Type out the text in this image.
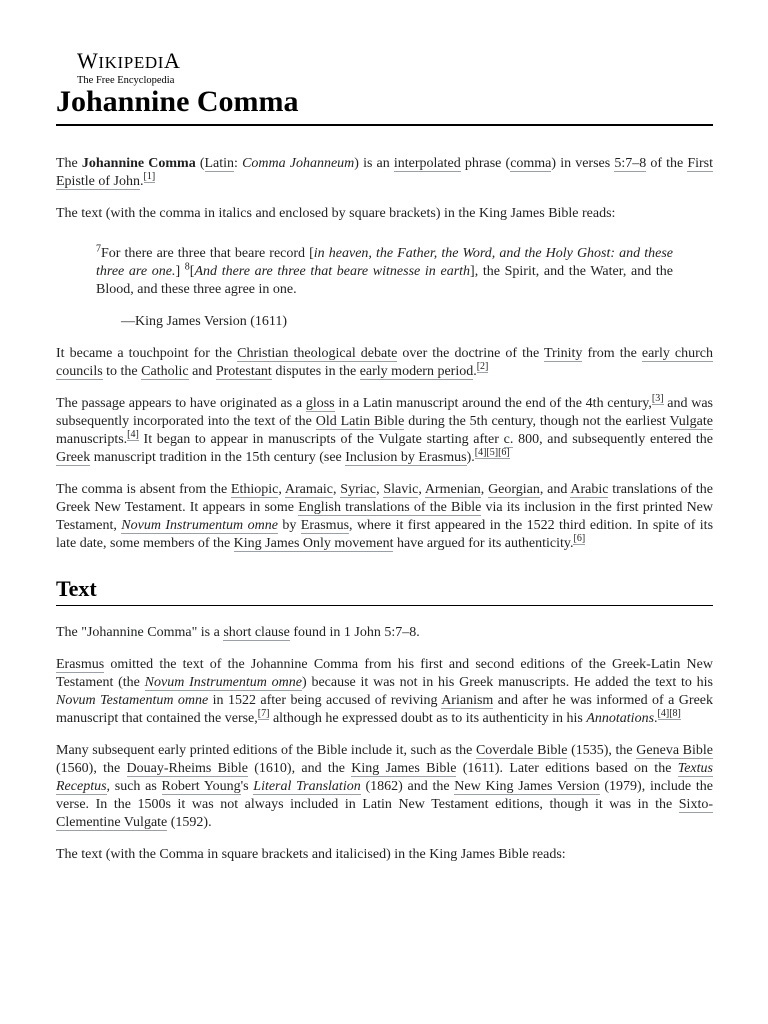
WIKIPEDIA
The Free Encyclopedia
Johannine Comma

The Johannine Comma (Latin: Comma Johanneum) is an interpolated phrase (comma) in verses 5:7–8 of the First Epistle of John.[1]

The text (with the comma in italics and enclosed by square brackets) in the King James Bible reads:

$^7$For there are three that beare record [in heaven, the Father, the Word, and the Holy Ghost: and these three are one.] $^8$[And there are three that beare witnesse in earth], the Spirit, and the Water, and the Blood, and these three agree in one.

—King James Version (1611)

It became a touchpoint for the Christian theological debate over the doctrine of the Trinity from the early church councils to the Catholic and Protestant disputes in the early modern period.[2]

The passage appears to have originated as a gloss in a Latin manuscript around the end of the 4th century,[3] and was subsequently incorporated into the text of the Old Latin Bible during the 5th century, though not the earliest Vulgate manuscripts.[4] It began to appear in manuscripts of the Vulgate starting after c. 800, and subsequently entered the Greek manuscript tradition in the 15th century (see Inclusion by Erasmus).[4][5][6]

The comma is absent from the Ethiopic, Aramaic, Syriac, Slavic, Armenian, Georgian, and Arabic translations of the Greek New Testament. It appears in some English translations of the Bible via its inclusion in the first printed New Testament, Novum Instrumentum omne by Erasmus, where it first appeared in the 1522 third edition. In spite of its late date, some members of the King James Only movement have argued for its authenticity.[6]

Text

The "Johannine Comma" is a short clause found in 1 John 5:7–8.

Erasmus omitted the text of the Johannine Comma from his first and second editions of the Greek-Latin New Testament (the Novum Instrumentum omne) because it was not in his Greek manuscripts. He added the text to his Novum Testamentum omne in 1522 after being accused of reviving Arianism and after he was informed of a Greek manuscript that contained the verse,[7] although he expressed doubt as to its authenticity in his Annotations.[4][8]

Many subsequent early printed editions of the Bible include it, such as the Coverdale Bible (1535), the Geneva Bible (1560), the Douay-Rheims Bible (1610), and the King James Bible (1611). Later editions based on the Textus Receptus, such as Robert Young's Literal Translation (1862) and the New King James Version (1979), include the verse. In the 1500s it was not always included in Latin New Testament editions, though it was in the Sixto-Clementine Vulgate (1592).

The text (with the Comma in square brackets and italicised) in the King James Bible reads:
